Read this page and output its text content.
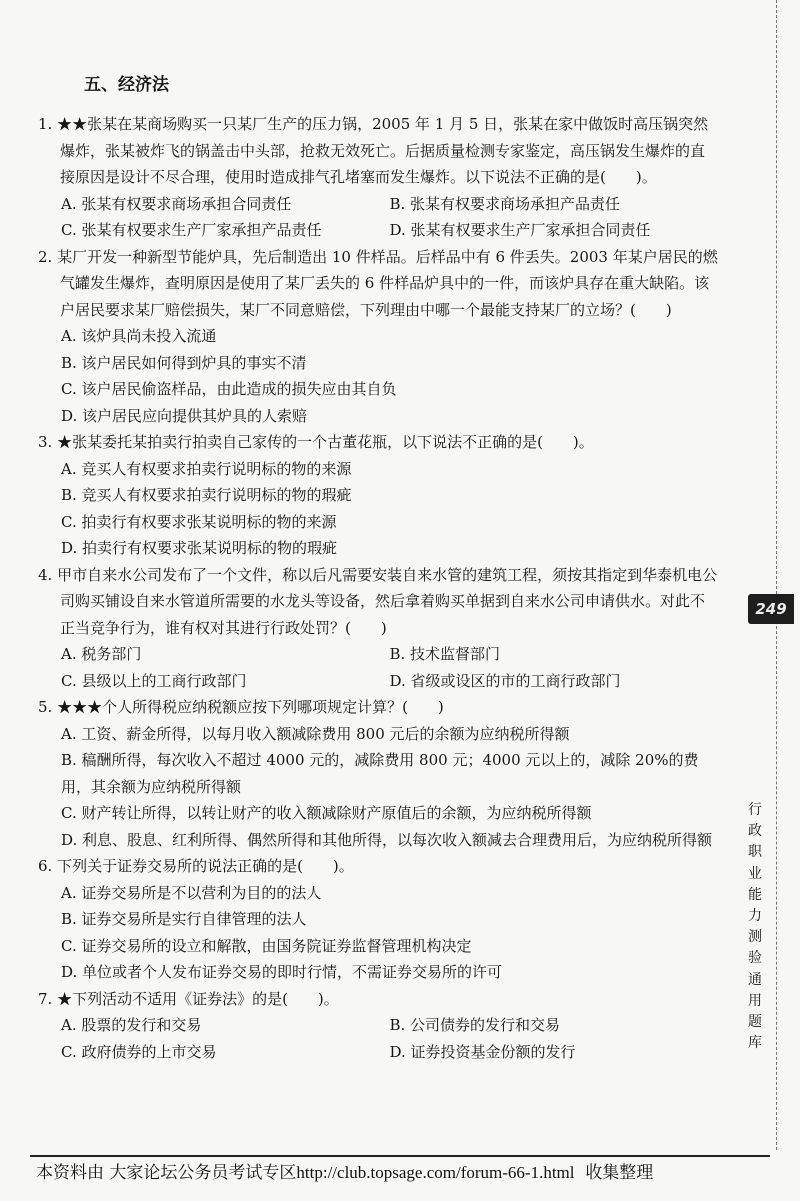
五、经济法
1. ★★张某在某商场购买一只某厂生产的压力锅，2005 年 1 月 5 日，张某在家中做饭时高压锅突然爆炸，张某被炸飞的锅盖击中头部，抢救无效死亡。后据质量检测专家鉴定，高压锅发生爆炸的直接原因是设计不尽合理，使用时造成排气孔堵塞而发生爆炸。以下说法不正确的是(　　)。
A. 张某有权要求商场承担合同责任	B. 张某有权要求商场承担产品责任
C. 张某有权要求生产厂家承担产品责任	D. 张某有权要求生产厂家承担合同责任
2. 某厂开发一种新型节能炉具，先后制造出 10 件样品。后样品中有 6 件丢失。2003 年某户居民的燃气罐发生爆炸，查明原因是使用了某厂丢失的 6 件样品炉具中的一件，而该炉具存在重大缺陷。该户居民要求某厂赔偿损失，某厂不同意赔偿，下列理由中哪一个最能支持某厂的立场？(　　)
A. 该炉具尚未投入流通
B. 该户居民如何得到炉具的事实不清
C. 该户居民偷盗样品，由此造成的损失应由其自负
D. 该户居民应向提供其炉具的人索赔
3. ★张某委托某拍卖行拍卖自己家传的一个古董花瓶，以下说法不正确的是(　　)。
A. 竞买人有权要求拍卖行说明标的物的来源
B. 竞买人有权要求拍卖行说明标的物的瑕疵
C. 拍卖行有权要求张某说明标的物的来源
D. 拍卖行有权要求张某说明标的物的瑕疵
4. 甲市自来水公司发布了一个文件，称以后凡需要安装自来水管的建筑工程，须按其指定到华泰机电公司购买铺设自来水管道所需要的水龙头等设备，然后拿着购买单据到自来水公司申请供水。对此不正当竞争行为，谁有权对其进行行政处罚？(　　)
A. 税务部门	B. 技术监督部门
C. 县级以上的工商行政部门	D. 省级或设区的市的工商行政部门
5. ★★★个人所得税应纳税额应按下列哪项规定计算？(　　)
A. 工资、薪金所得，以每月收入额减除费用 800 元后的余额为应纳税所得额
B. 稿酬所得，每次收入不超过 4000 元的，减除费用 800 元；4000 元以上的，减除 20%的费用，其余额为应纳税所得额
C. 财产转让所得，以转让财产的收入额减除财产原值后的余额，为应纳税所得额
D. 利息、股息、红利所得、偶然所得和其他所得，以每次收入额减去合理费用后，为应纳税所得额
6. 下列关于证券交易所的说法正确的是(　　)。
A. 证券交易所是不以营利为目的的法人
B. 证券交易所是实行自律管理的法人
C. 证券交易所的设立和解散，由国务院证券监督管理机构决定
D. 单位或者个人发布证券交易的即时行情，不需证券交易所的许可
7. ★下列活动不适用《证券法》的是(　　)。
A. 股票的发行和交易	B. 公司债券的发行和交易
C. 政府债券的上市交易	D. 证券投资基金份额的发行
249
行
政
职
业
能
力
测
验
通
用
题
库
本资料由 大家论坛公务员考试专区http://club.topsage.com/forum-66-1.html 收集整理
